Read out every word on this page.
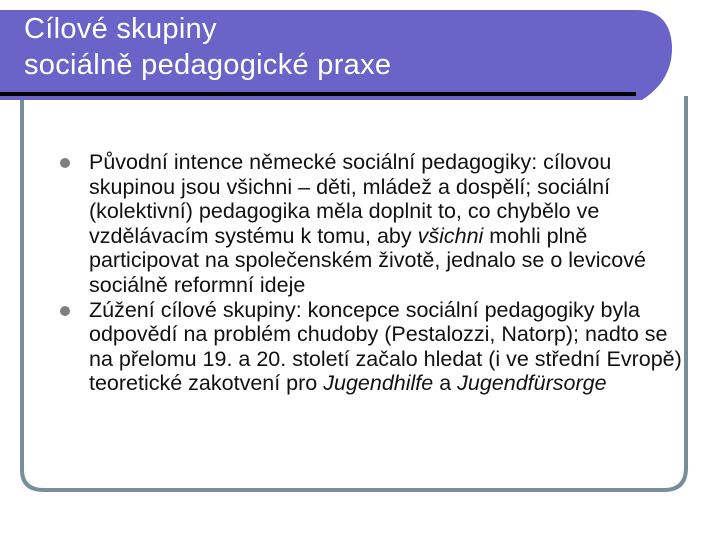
Cílové skupiny
sociálně pedagogické praxe
Původní intence německé sociální pedagogiky: cílovou skupinou jsou všichni – děti, mládež a dospělí; sociální (kolektivní) pedagogika měla doplnit to, co chybělo ve vzdělávacím systému k tomu, aby všichni mohli plně participovat na společenském životě, jednalo se o levicové sociálně reformní ideje
Zúžení cílové skupiny: koncepce sociální pedagogiky byla odpovědí na problém chudoby (Pestalozzi, Natorp); nadto se na přelomu 19. a 20. století začalo hledat (i ve střední Evropě) teoretické zakotvení pro Jugendhilfe a Jugendfürsorge
